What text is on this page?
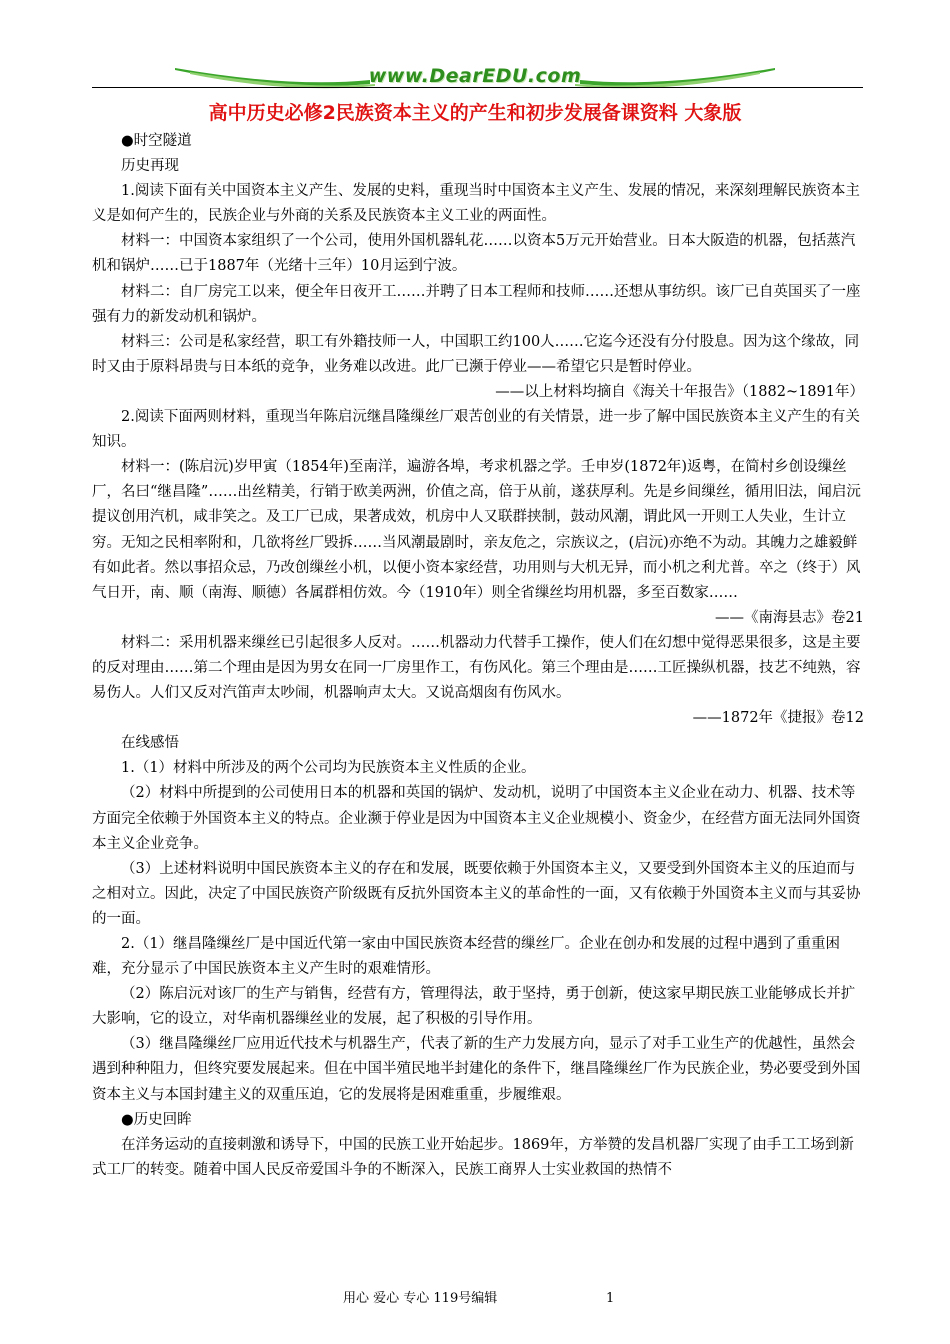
www.DearEDU.com
高中历史必修2民族资本主义的产生和初步发展备课资料 大象版

●时空隧道

历史再现

1.阅读下面有关中国资本主义产生、发展的史料，重现当时中国资本主义产生、发展的情况，来深刻理解民族资本主义是如何产生的，民族企业与外商的关系及民族资本主义工业的两面性。

材料一：中国资本家组织了一个公司，使用外国机器轧花……以资本5万元开始营业。日本大阪造的机器，包括蒸汽机和锅炉……已于1887年（光绪十三年）10月运到宁波。

材料二：自厂房完工以来，便全年日夜开工……并聘了日本工程师和技师……还想从事纺织。该厂已自英国买了一座强有力的新发动机和锅炉。

材料三：公司是私家经营，职工有外籍技师一人，中国职工约100人……它迄今还没有分付股息。因为这个缘故，同时又由于原料昂贵与日本纸的竞争，业务难以改进。此厂已濒于停业——希望它只是暂时停业。

——以上材料均摘自《海关十年报告》（1882~1891年）

2.阅读下面两则材料，重现当年陈启沅继昌隆缫丝厂艰苦创业的有关情景，进一步了解中国民族资本主义产生的有关知识。

材料一：(陈启沅)岁甲寅（1854年)至南洋，遍游各埠，考求机器之学。壬申岁(1872年)返粤，在简村乡创设缫丝厂，名曰“继昌隆”……出丝精美，行销于欧美两洲，价值之高，倍于从前，遂获厚利。先是乡间缫丝，循用旧法，闻启沅提议创用汽机，咸非笑之。及工厂已成，果著成效，机房中人又联群挟制，鼓动风潮，谓此风一开则工人失业，生计立穷。无知之民相率附和，几欲将丝厂毁拆……当风潮最剧时，亲友危之，宗族议之，(启沅)亦绝不为动。其魄力之雄毅鲜有如此者。然以事招众忌，乃改创缫丝小机，以便小资本家经营，功用则与大机无异，而小机之利尤普。卒之（终于）风气日开，南、顺（南海、顺德）各属群相仿效。今（1910年）则全省缫丝均用机器，多至百数家……

——《南海县志》卷21

材料二：采用机器来缫丝已引起很多人反对。……机器动力代替手工操作，使人们在幻想中觉得恶果很多，这是主要的反对理由……第二个理由是因为男女在同一厂房里作工，有伤风化。第三个理由是……工匠操纵机器，技艺不纯熟，容易伤人。人们又反对汽笛声太吵闹，机器响声太大。又说高烟囱有伤风水。

——1872年《捷报》卷12

在线感悟

1.（1）材料中所涉及的两个公司均为民族资本主义性质的企业。

（2）材料中所提到的公司使用日本的机器和英国的锅炉、发动机，说明了中国资本主义企业在动力、机器、技术等方面完全依赖于外国资本主义的特点。企业濒于停业是因为中国资本主义企业规模小、资金少，在经营方面无法同外国资本主义企业竞争。

（3）上述材料说明中国民族资本主义的存在和发展，既要依赖于外国资本主义，又要受到外国资本主义的压迫而与之相对立。因此，决定了中国民族资产阶级既有反抗外国资本主义的革命性的一面，又有依赖于外国资本主义而与其妥协的一面。

2.（1）继昌隆缫丝厂是中国近代第一家由中国民族资本经营的缫丝厂。企业在创办和发展的过程中遇到了重重困难，充分显示了中国民族资本主义产生时的艰难情形。

（2）陈启沅对该厂的生产与销售，经营有方，管理得法，敢于坚持，勇于创新，使这家早期民族工业能够成长并扩大影响，它的设立，对华南机器缫丝业的发展，起了积极的引导作用。

（3）继昌隆缫丝厂应用近代技术与机器生产，代表了新的生产力发展方向，显示了对手工业生产的优越性，虽然会遇到种种阻力，但终究要发展起来。但在中国半殖民地半封建化的条件下，继昌隆缫丝厂作为民族企业，势必要受到外国资本主义与本国封建主义的双重压迫，它的发展将是困难重重，步履维艰。

●历史回眸

在洋务运动的直接刺激和诱导下，中国的民族工业开始起步。1869年，方举赞的发昌机器厂实现了由手工工场到新式工厂的转变。随着中国人民反帝爱国斗争的不断深入，民族工商界人士实业救国的热情不

用心 爱心 专心 119号编辑	1
